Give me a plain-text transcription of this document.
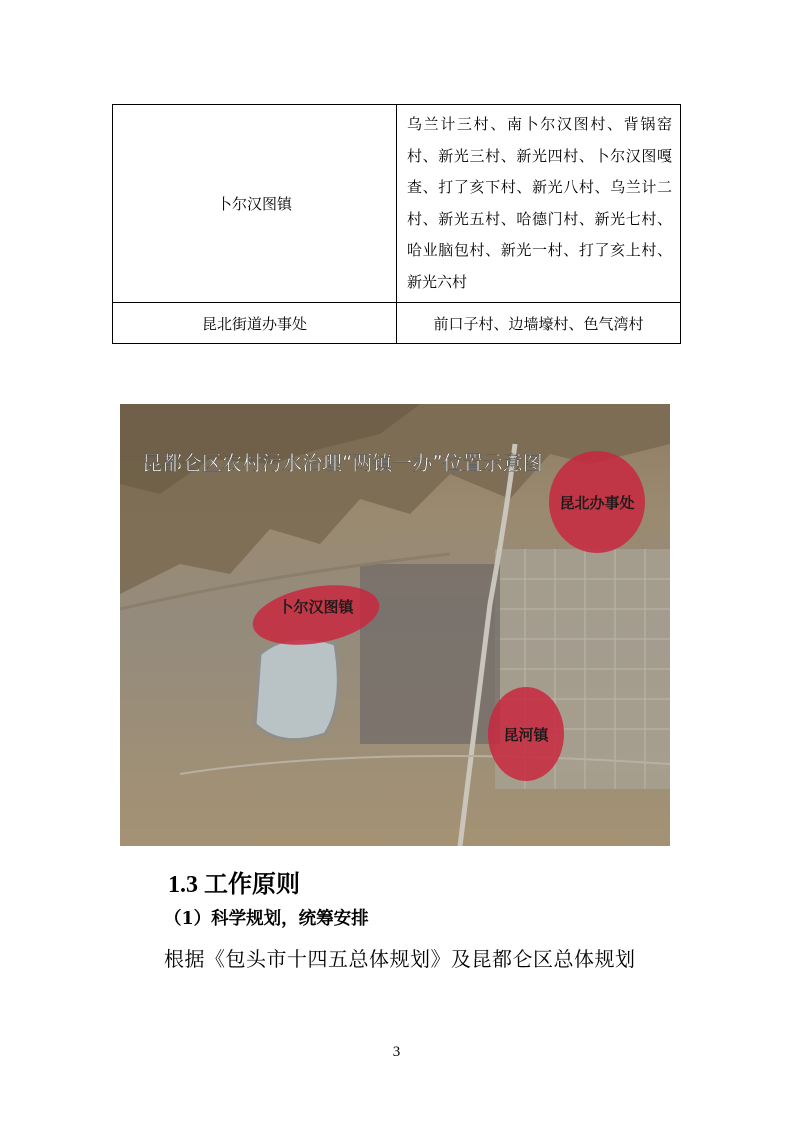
卜尔汉图镇	乌兰计三村、南卜尔汉图村、背锅窑村、新光三村、新光四村、卜尔汉图嘎查、打了亥下村、新光八村、乌兰计二村、新光五村、哈德门村、新光七村、哈业脑包村、新光一村、打了亥上村、新光六村
昆北街道办事处	前口子村、边墙壕村、色气湾村
昆都仑区农村污水治理“两镇一办”位置示意图
昆北办事处
卜尔汉图镇
昆河镇
1.3 工作原则
（1）科学规划，统筹安排
根据《包头市十四五总体规划》及昆都仑区总体规划
3
